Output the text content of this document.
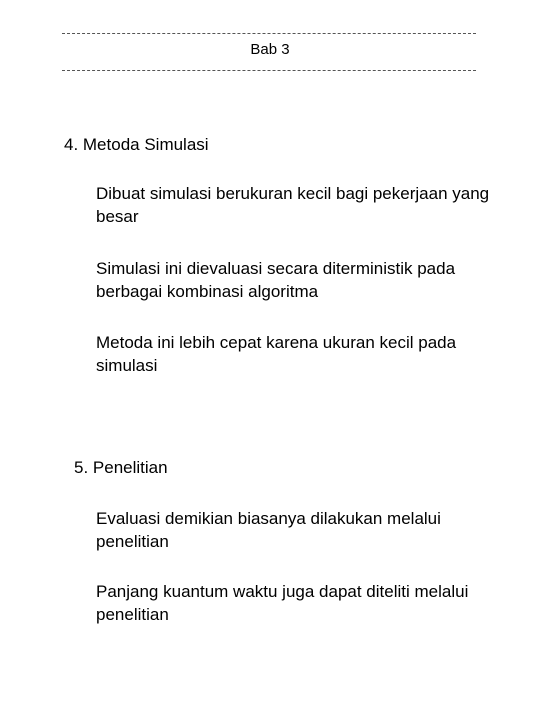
Bab 3
4. Metoda Simulasi
Dibuat simulasi berukuran kecil bagi pekerjaan yang besar
Simulasi ini dievaluasi secara diterministik pada berbagai kombinasi algoritma
Metoda ini lebih cepat karena ukuran kecil pada simulasi
5. Penelitian
Evaluasi demikian biasanya dilakukan melalui penelitian
Panjang kuantum waktu juga dapat diteliti melalui penelitian
